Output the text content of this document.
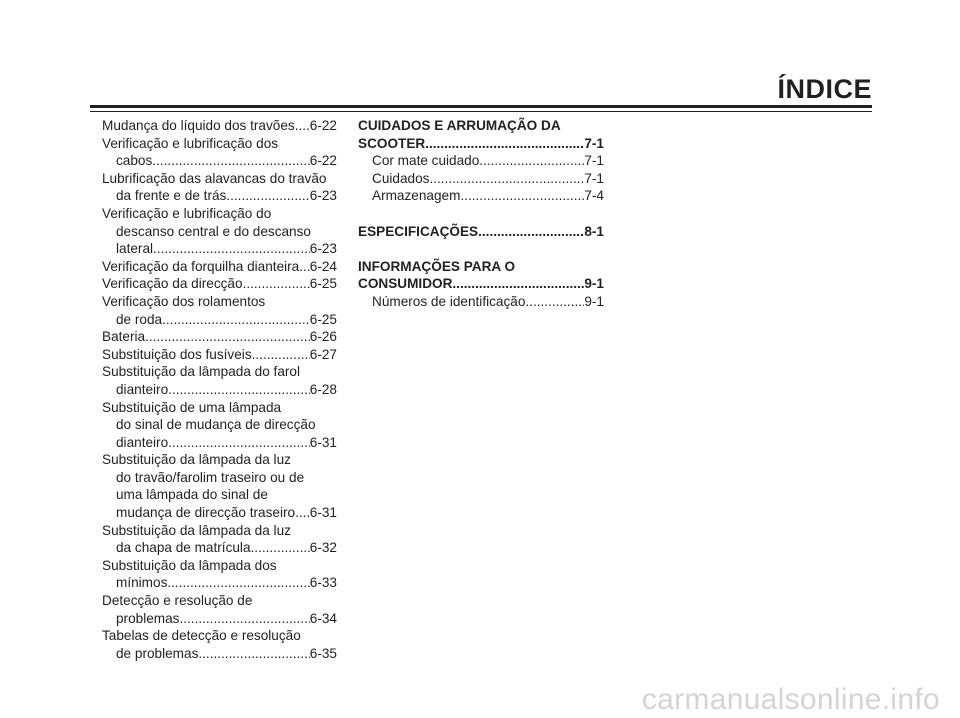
ÍNDICE
Mudança do líquido dos travões ..... 6-22
Verificação e lubrificação dos
cabos .....	6-22
Lubrificação das alavancas do travão
da frente e de trás .....	6-23
Verificação e lubrificação do
descanso central e do descanso
lateral .....	6-23
Verificação da forquilha dianteira ..... 6-24
Verificação da direcção .....	6-25
Verificação dos rolamentos
de roda .....	6-25
Bateria .....	6-26
Substituição dos fusíveis .....	6-27
Substituição da lâmpada do farol
dianteiro .....	6-28
Substituição de uma lâmpada
do sinal de mudança de direcção
dianteiro .....	6-31
Substituição da lâmpada da luz
do travão/farolim traseiro ou de
uma lâmpada do sinal de
mudança de direcção traseiro ..... 6-31
Substituição da lâmpada da luz
da chapa de matrícula .....	6-32
Substituição da lâmpada dos
mínimos .....	6-33
Detecção e resolução de
problemas .....	6-34
Tabelas de detecção e resolução
de problemas .....	6-35
CUIDADOS E ARRUMAÇÃO DA
SCOOTER .....	7-1
Cor mate cuidado .....	7-1
Cuidados .....	7-1
Armazenagem .....	7-4
ESPECIFICAÇÕES .....	8-1
INFORMAÇÕES PARA O
CONSUMIDOR .....	9-1
Números de identificação .....	9-1
carmanualsonline.info
